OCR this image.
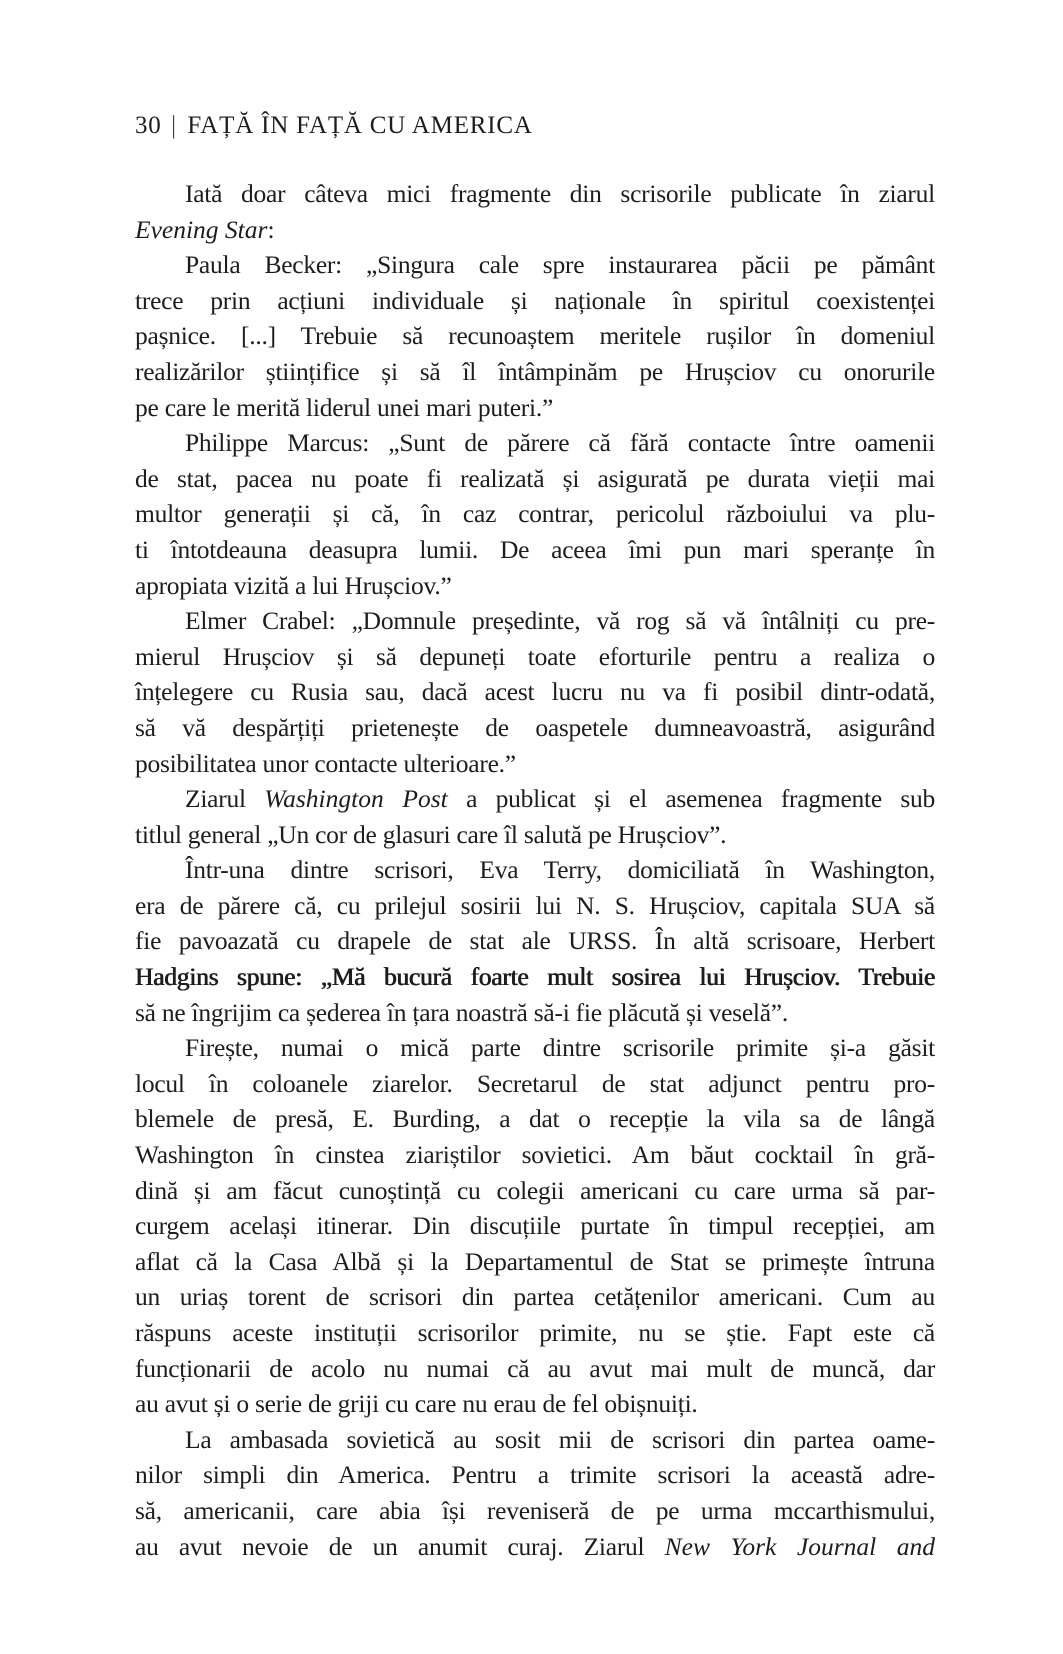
30 | FAȚĂ ÎN FAȚĂ CU AMERICA
Iată doar câteva mici fragmente din scrisorile publicate în ziarul
Evening Star:
Paula Becker: „Singura cale spre instaurarea păcii pe pământ
trece prin acțiuni individuale și naționale în spiritul coexistenței
pașnice. [...] Trebuie să recunoaștem meritele rușilor în domeniul
realizărilor științifice și să îl întâmpinăm pe Hrușciov cu onorurile
pe care le merită liderul unei mari puteri.”
Philippe Marcus: „Sunt de părere că fără contacte între oamenii
de stat, pacea nu poate fi realizată și asigurată pe durata vieții mai
multor generații și că, în caz contrar, pericolul războiului va plu-
ti întotdeauna deasupra lumii. De aceea îmi pun mari speranțe în
apropiata vizită a lui Hrușciov.”
Elmer Crabel: „Domnule președinte, vă rog să vă întâlniți cu pre-
mierul Hrușciov și să depuneți toate eforturile pentru a realiza o
înțelegere cu Rusia sau, dacă acest lucru nu va fi posibil dintr-odată,
să vă despărțiți prietenește de oaspetele dumneavoastră, asigurând
posibilitatea unor contacte ulterioare.”
Ziarul Washington Post a publicat și el asemenea fragmente sub
titlul general „Un cor de glasuri care îl salută pe Hrușciov”.
Într-una dintre scrisori, Eva Terry, domiciliată în Washington,
era de părere că, cu prilejul sosirii lui N. S. Hrușciov, capitala SUA să
fie pavoazată cu drapele de stat ale URSS. În altă scrisoare, Herbert
Hadgins spune: „Mă bucură foarte mult sosirea lui Hrușciov. Trebuie
să ne îngrijim ca șederea în țara noastră să-i fie plăcută și veselă”.
Firește, numai o mică parte dintre scrisorile primite și-a găsit
locul în coloanele ziarelor. Secretarul de stat adjunct pentru pro-
blemele de presă, E. Burding, a dat o recepție la vila sa de lângă
Washington în cinstea ziariștilor sovietici. Am băut cocktail în gră-
dină și am făcut cunoștință cu colegii americani cu care urma să par-
curgem același itinerar. Din discuțiile purtate în timpul recepției, am
aflat că la Casa Albă și la Departamentul de Stat se primește întruna
un uriaș torent de scrisori din partea cetățenilor americani. Cum au
răspuns aceste instituții scrisorilor primite, nu se știe. Fapt este că
funcționarii de acolo nu numai că au avut mai mult de muncă, dar
au avut și o serie de griji cu care nu erau de fel obișnuiți.
La ambasada sovietică au sosit mii de scrisori din partea oame-
nilor simpli din America. Pentru a trimite scrisori la această adre-
să, americanii, care abia își reveniseră de pe urma mccarthismului,
au avut nevoie de un anumit curaj. Ziarul New York Journal and
